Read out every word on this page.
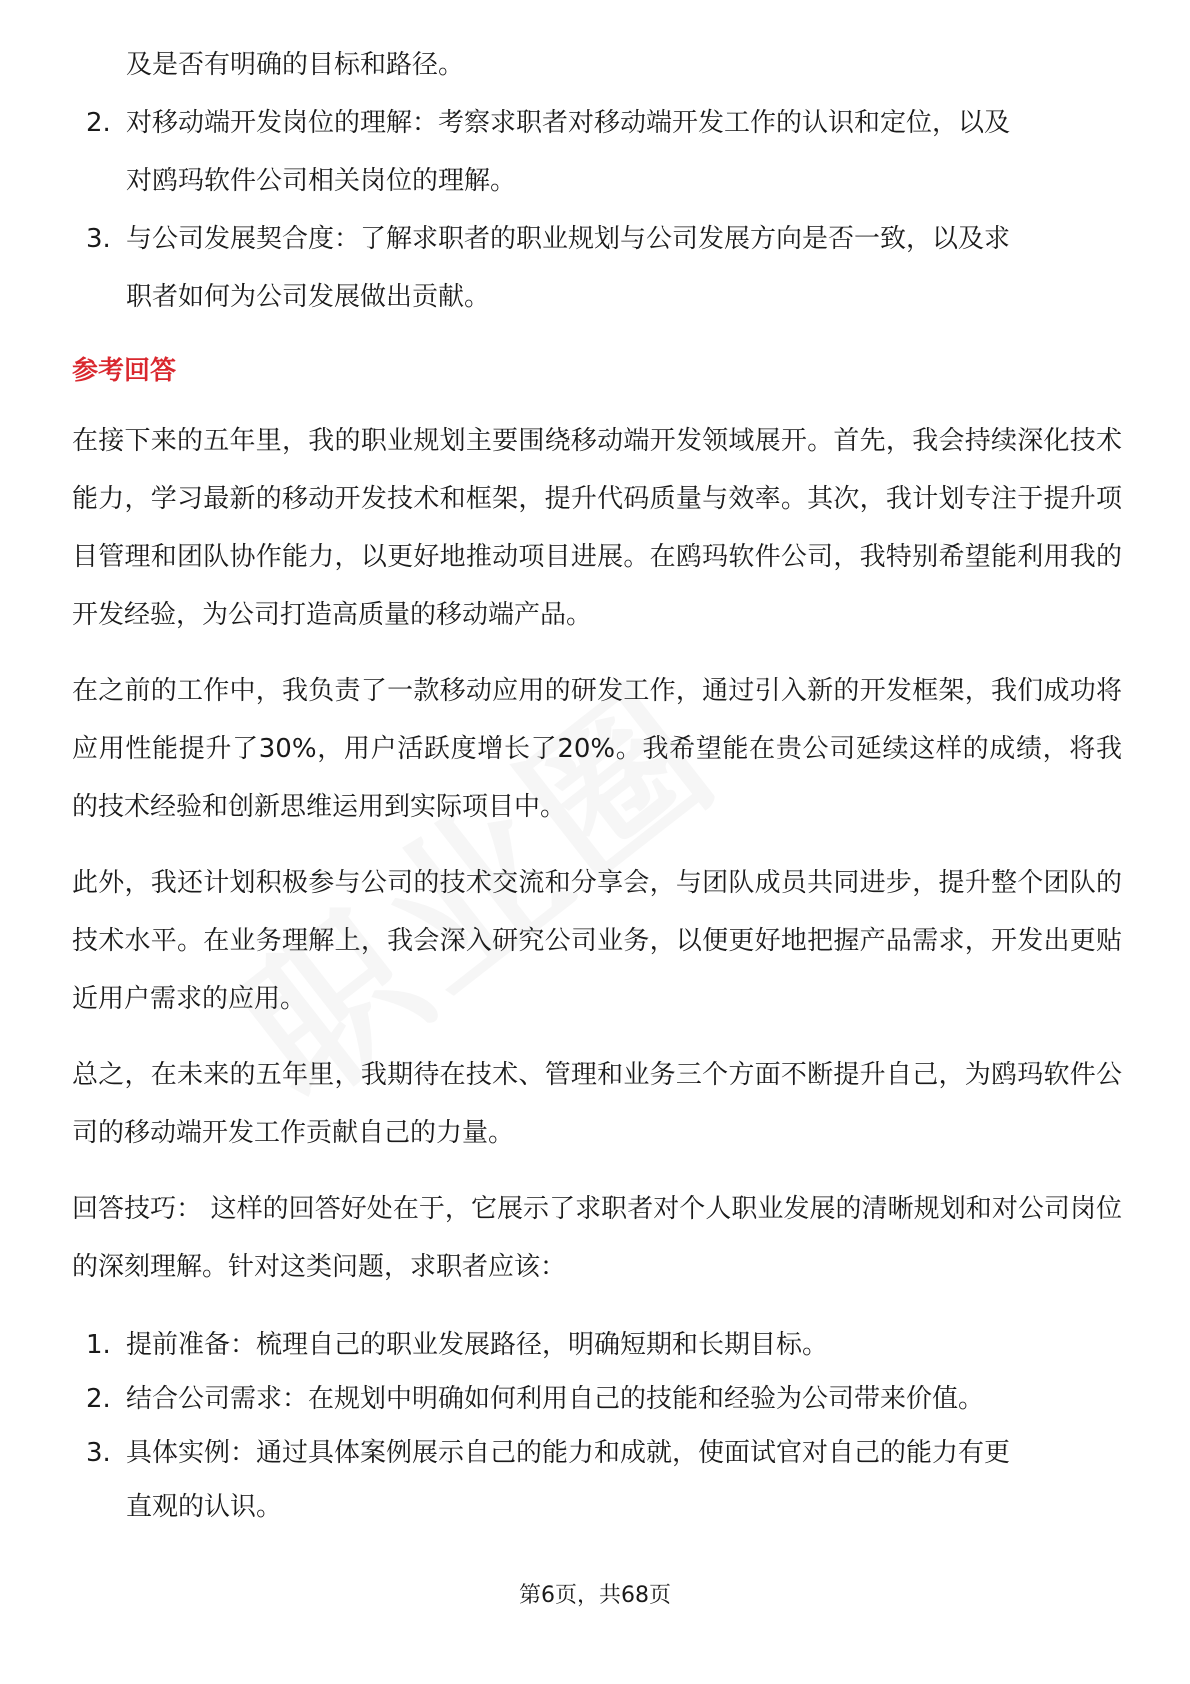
及是否有明确的目标和路径。
2. 对移动端开发岗位的理解：考察求职者对移动端开发工作的认识和定位，以及
对鸥玛软件公司相关岗位的理解。
3. 与公司发展契合度：了解求职者的职业规划与公司发展方向是否一致，以及求
职者如何为公司发展做出贡献。
参考回答

在接下来的五年里，我的职业规划主要围绕移动端开发领域展开。首先，我会持续深化技术能力，学习最新的移动开发技术和框架，提升代码质量与效率。其次，我计划专注于提升项目管理和团队协作能力，以更好地推动项目进展。在鸥玛软件公司，我特别希望能利用我的开发经验，为公司打造高质量的移动端产品。

在之前的工作中，我负责了一款移动应用的研发工作，通过引入新的开发框架，我们成功将应用性能提升了30%，用户活跃度增长了20%。我希望能在贵公司延续这样的成绩，将我的技术经验和创新思维运用到实际项目中。

此外，我还计划积极参与公司的技术交流和分享会，与团队成员共同进步，提升整个团队的技术水平。在业务理解上，我会深入研究公司业务，以便更好地把握产品需求，开发出更贴近用户需求的应用。

总之，在未来的五年里，我期待在技术、管理和业务三个方面不断提升自己，为鸥玛软件公司的移动端开发工作贡献自己的力量。

回答技巧： 这样的回答好处在于，它展示了求职者对个人职业发展的清晰规划和对公司岗位的深刻理解。针对这类问题，求职者应该：

1. 提前准备：梳理自己的职业发展路径，明确短期和长期目标。
2. 结合公司需求：在规划中明确如何利用自己的技能和经验为公司带来价值。
3. 具体实例：通过具体案例展示自己的能力和成就，使面试官对自己的能力有更
直观的认识。
第6页，共68页
